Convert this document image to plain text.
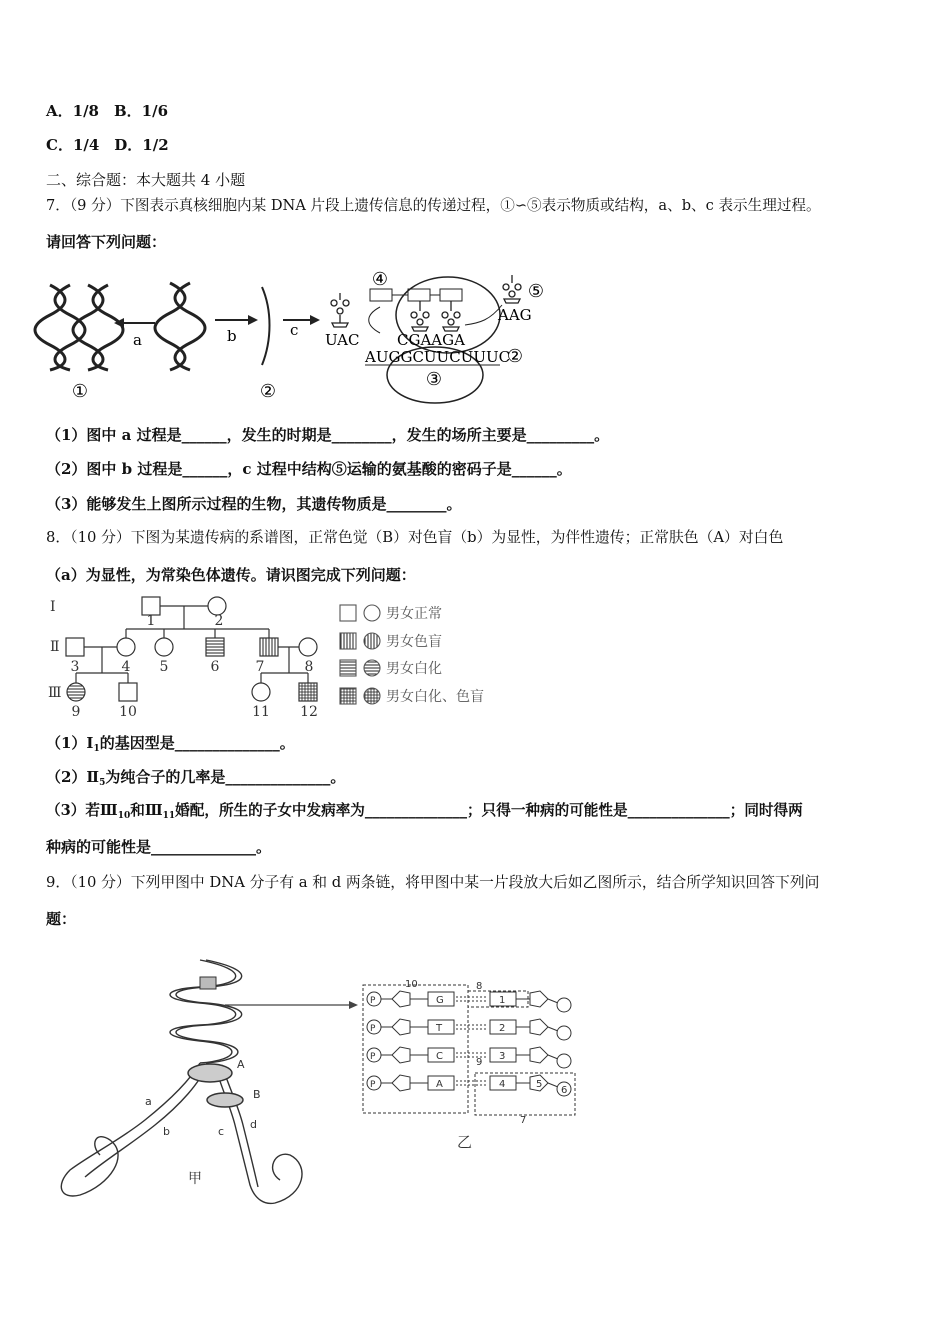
A．1/8　B．1/6
C．1/4　D．1/2
二、综合题：本大题共 4 小题
7．（9 分）下图表示真核细胞内某 DNA 片段上遗传信息的传递过程，①∽⑤表示物质或结构，a、b、c 表示生理过程。
请回答下列问题：
①
a	b
②
c
UAC
③
④
CGAAGA
AUGGCUUCUUUC
②
⑤
AAG
（1）图中 a 过程是______，发生的时期是________，发生的场所主要是_________。
（2）图中 b 过程是______，c 过程中结构⑤运输的氨基酸的密码子是______。
（3）能够发生上图所示过程的生物，其遗传物质是________。
8．（10 分）下图为某遗传病的系谱图，正常色觉（B）对色盲（b）为显性，为伴性遗传；正常肤色（A）对白色
（a）为显性，为常染色体遗传。请识图完成下列问题：
Ⅰ
Ⅱ
Ⅲ
1	2
3	4 5	6	7	8
9	10	11 12
男女正常
男女色盲
男女白化
男女白化、色盲
$(1)Ⅰ_1$的基因型是______________。
$(2)Ⅱ_5$为纯合子的几率是______________。
（3）若$Ⅲ_{10}$和$Ⅲ_{11}$婚配，所生的子女中发病率为______________；只得一种病的可能性是______________；同时得两
种病的可能性是______________。
9．（10 分）下列甲图中 DNA 分子有 a 和 d 两条链，将甲图中某一片段放大后如乙图所示，结合所学知识回答下列问
题：
A
B
a
b	c
d
甲
10	8
7
9
P	G	1
P	T	2
P	C	3
P	A	4	5
6
乙
